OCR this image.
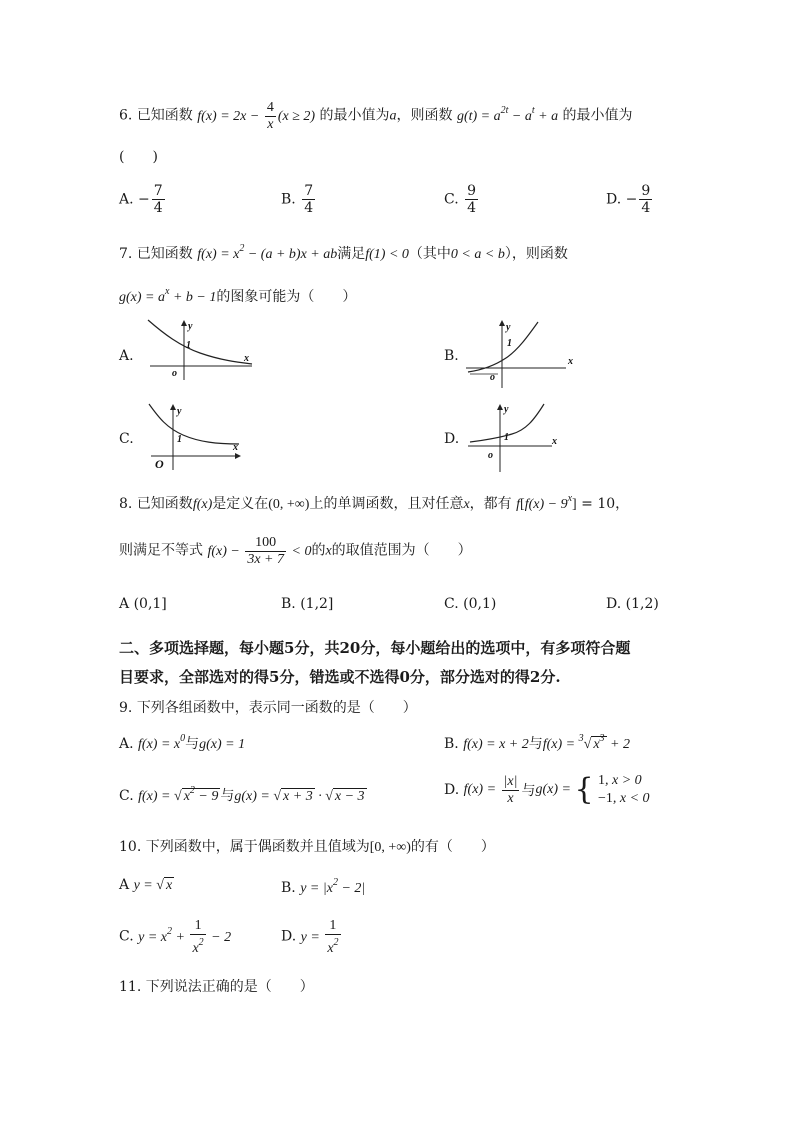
6. 已知函数 $f(x) = 2x - \frac{4}{x} (x \ge 2)$ 的最小值为a，则函数 $g(t) = a^{2t} - a^t + a$ 的最小值为
(　　)
A. − $\frac{7}{4}$	B. $\frac{7}{4}$	C. $\frac{9}{4}$	D. − $\frac{9}{4}$
7. 已知函数 $f(x) = x^2 - (a + b)x$ + ab满足f(1) < 0（其中0 < a < b），则函数
$g(x) = a^x + b - 1$的图象可能为（　　）
A.	B.
C.	D.
y
x
1
o
y
x
1
o
y
x
1
O
y
x
1
o
8. 已知函数f(x)是定义在(0, +∞)上的单调函数，且对任意x，都有 $f[f(x) - 9^x] = 10$，
则满足不等式 $f(x) - \frac{100}{3x + 7} < 0$的x的取值范围为（　　）
A (0,1]	B. (1,2]	C. (0,1)	D. (1,2)
二、多项选择题，每小题5分，共20分，每小题给出的选项中，有多项符合题
目要求，全部选对的得5分，错选或不选得0分，部分选对的得2分.
9. 下列各组函数中，表示同一函数的是（　　）
A. $f(x) = x^0$与g(x) = 1	B. f(x) = x + 2与f(x) = $^3$√ $x^3 + 2$
C. f(x) = √ $x^2 - 9$ 与g(x) = √ x + 3 · √ x − 3	D. $f(x) = \frac{|x|}{x}$ 与g(x) = { 1, x > 0
−1, x < 0
10. 下列函数中，属于偶函数并且值域为[0, +∞)的有（　　）
A y = √ x	B. $y = |x^2 - 2|$
C. $y = x^2 + \frac{1}{x^2} - 2$	D. $y = \frac{1}{x^2}$
11. 下列说法正确的是（　　）
